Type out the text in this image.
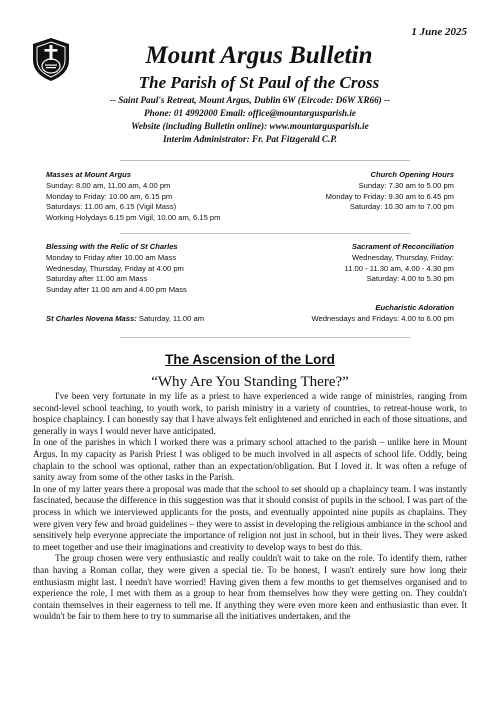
1 June 2025
Mount Argus Bulletin
The Parish of St Paul of the Cross
-- Saint Paul's Retreat, Mount Argus, Dublin 6W (Eircode: D6W XR66) --
Phone: 01 4992000 Email: office@mountargusparish.ie
Website (including Bulletin online): www.mountargusparish.ie
Interim Administrator: Fr. Pat Fitzgerald C.P.
Masses at Mount Argus
Sunday: 8.00 am, 11.00 am, 4.00 pm
Monday to Friday: 10.00 am, 6.15 pm
Saturdays: 11.00 am, 6.15 (Vigil Mass)
Working Holydays 6.15 pm Vigil, 10.00 am, 6.15 pm
Church Opening Hours
Sunday: 7.30 am to 5.00 pm
Monday to Friday: 9.30 am to 6.45 pm
Saturday: 10.30 am to 7.00 pm
Blessing with the Relic of St Charles
Monday to Friday after 10.00 am Mass
Wednesday, Thursday, Friday at 4.00 pm
Saturday after 11.00 am Mass
Sunday after 11.00 am and 4.00 pm Mass
St Charles Novena Mass: Saturday, 11.00 am
Sacrament of Reconciliation
Wednesday, Thursday, Friday:
11.00 - 11.30 am, 4.00 - 4.30 pm
Saturday: 4.00 to 5.30 pm
Eucharistic Adoration
Wednesdays and Fridays: 4.00 to 6.00 pm
The Ascension of the Lord
“Why Are You Standing There?”

I've been very fortunate in my life as a priest to have experienced a wide range of ministries, ranging from second-level school teaching, to youth work, to parish ministry in a variety of countries, to retreat-house work, to hospice chaplaincy. I can honestly say that I have always felt enlightened and enriched in each of those situations, and generally in ways I would never have anticipated.

In one of the parishes in which I worked there was a primary school attached to the parish – unlike here in Mount Argus. In my capacity as Parish Priest I was obliged to be much involved in all aspects of school life. Oddly, being chaplain to the school was optional, rather than an expectation/obligation. But I loved it. It was often a refuge of sanity away from some of the other tasks in the Parish.

In one of my latter years there a proposal was made that the school to set should up a chaplaincy team. I was instantly fascinated, because the difference in this suggestion was that it should consist of pupils in the school. I was part of the process in which we interviewed applicants for the posts, and eventually appointed nine pupils as chaplains. They were given very few and broad guidelines – they were to assist in developing the religious ambiance in the school and sensitively help everyone appreciate the importance of religion not just in school, but in their lives. They were asked to meet together and use their imaginations and creativity to develop ways to best do this.

The group chosen were very enthusiastic and really couldn't wait to take on the role. To identify them, rather than having a Roman collar, they were given a special tie. To be honest, I wasn't entirely sure how long their enthusiasm might last. I needn't have worried! Having given them a few months to get themselves organised and to experience the role, I met with them as a group to hear from themselves how they were getting on. They couldn't contain themselves in their eagerness to tell me. If anything they were even more keen and enthusiastic than ever. It wouldn't be fair to them here to try to summarise all the initiatives undertaken, and the
